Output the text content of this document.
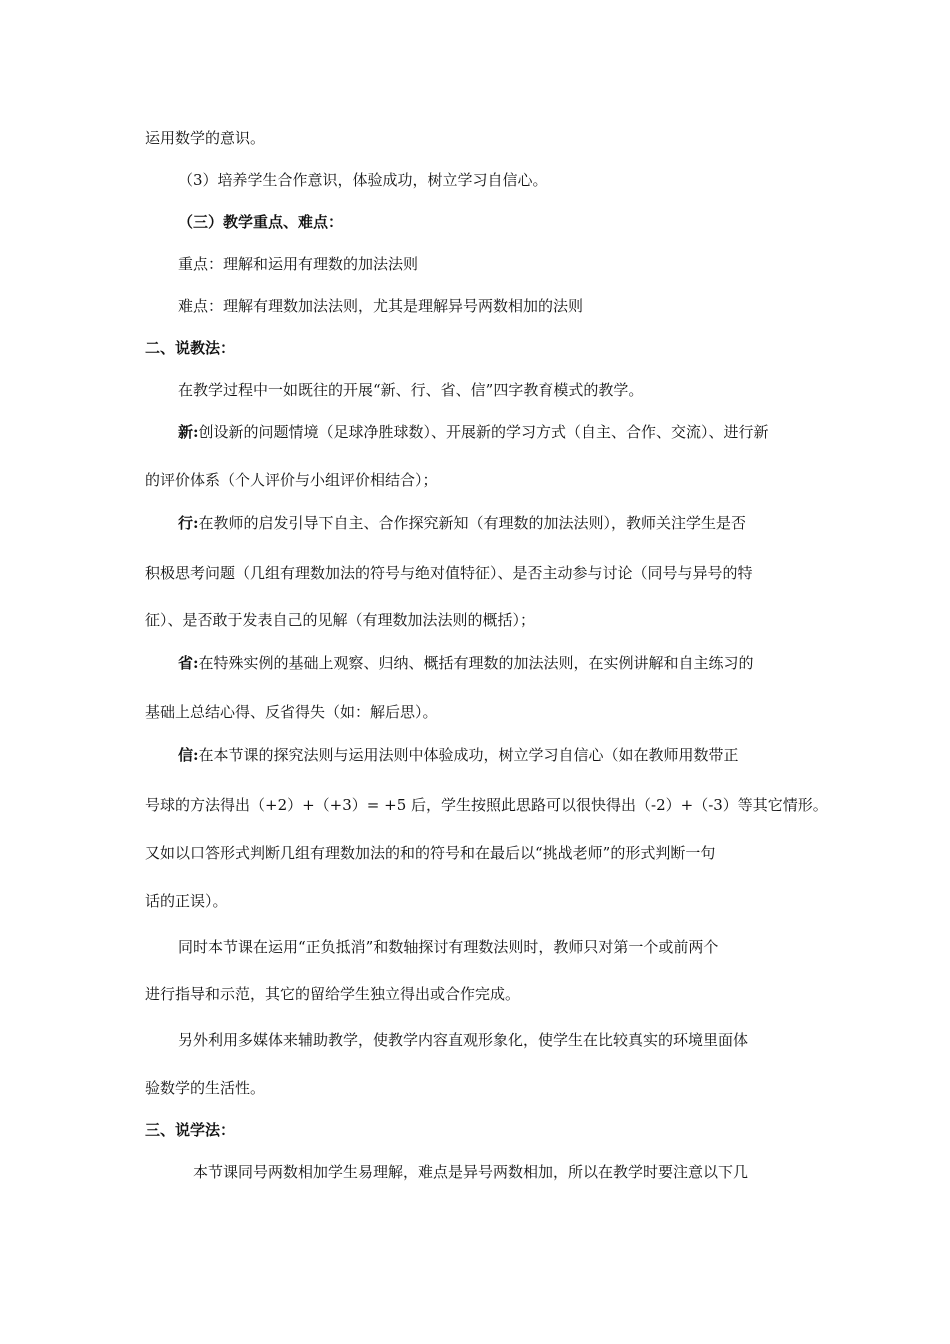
运用数学的意识。
（3）培养学生合作意识，体验成功，树立学习自信心。
（三）教学重点、难点：
重点：理解和运用有理数的加法法则
难点：理解有理数加法法则，尤其是理解异号两数相加的法则
二、说教法：
在教学过程中一如既往的开展“新、行、省、信”四字教育模式的教学。
新:创设新的问题情境（足球净胜球数）、开展新的学习方式（自主、合作、交流）、进行新
的评价体系（个人评价与小组评价相结合）；
行:在教师的启发引导下自主、合作探究新知（有理数的加法法则），教师关注学生是否
积极思考问题（几组有理数加法的符号与绝对值特征）、是否主动参与讨论（同号与异号的特
征）、是否敢于发表自己的见解（有理数加法法则的概括）；
省:在特殊实例的基础上观察、归纳、概括有理数的加法法则，在实例讲解和自主练习的
基础上总结心得、反省得失（如：解后思）。
信:在本节课的探究法则与运用法则中体验成功，树立学习自信心（如在教师用数带正
号球的方法得出（+2）+（+3）= +5 后，学生按照此思路可以很快得出（-2）+（-3）等其它情形。
又如以口答形式判断几组有理数加法的和的符号和在最后以“挑战老师”的形式判断一句
话的正误）。
同时本节课在运用“正负抵消”和数轴探讨有理数法则时，教师只对第一个或前两个
进行指导和示范，其它的留给学生独立得出或合作完成。
另外利用多媒体来辅助教学，使教学内容直观形象化，使学生在比较真实的环境里面体
验数学的生活性。
三、说学法：
本节课同号两数相加学生易理解，难点是异号两数相加，所以在教学时要注意以下几
